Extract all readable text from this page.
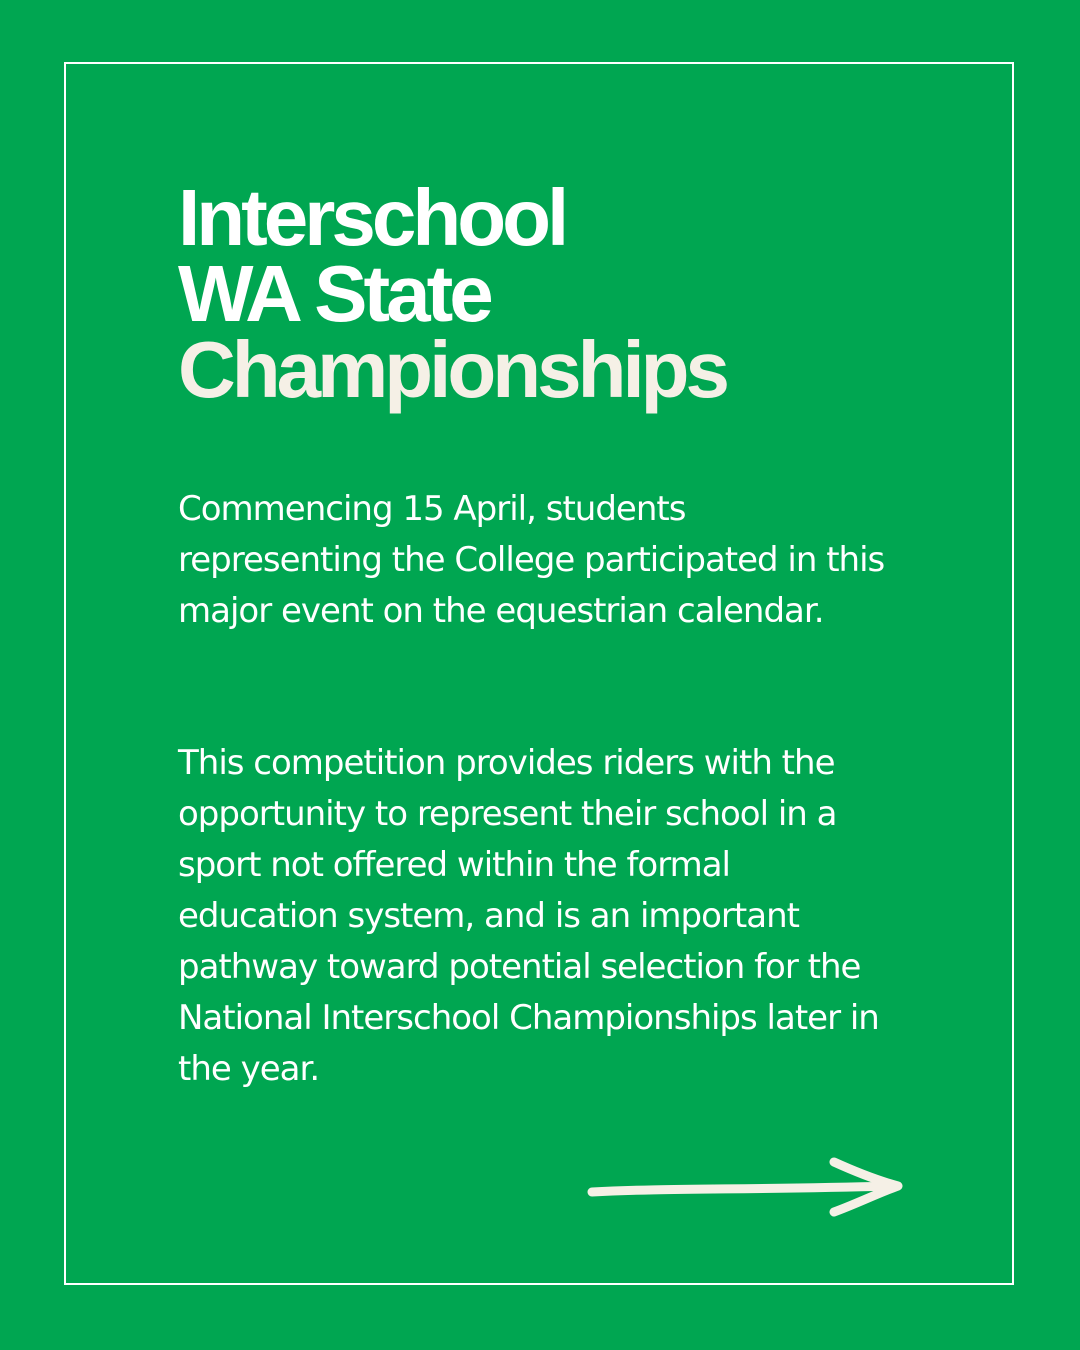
Interschool
WA State
Championships

Commencing 15 April, students representing the College participated in this major event on the equestrian calendar.

This competition provides riders with the opportunity to represent their school in a sport not offered within the formal education system, and is an important pathway toward potential selection for the National Interschool Championships later in the year.
